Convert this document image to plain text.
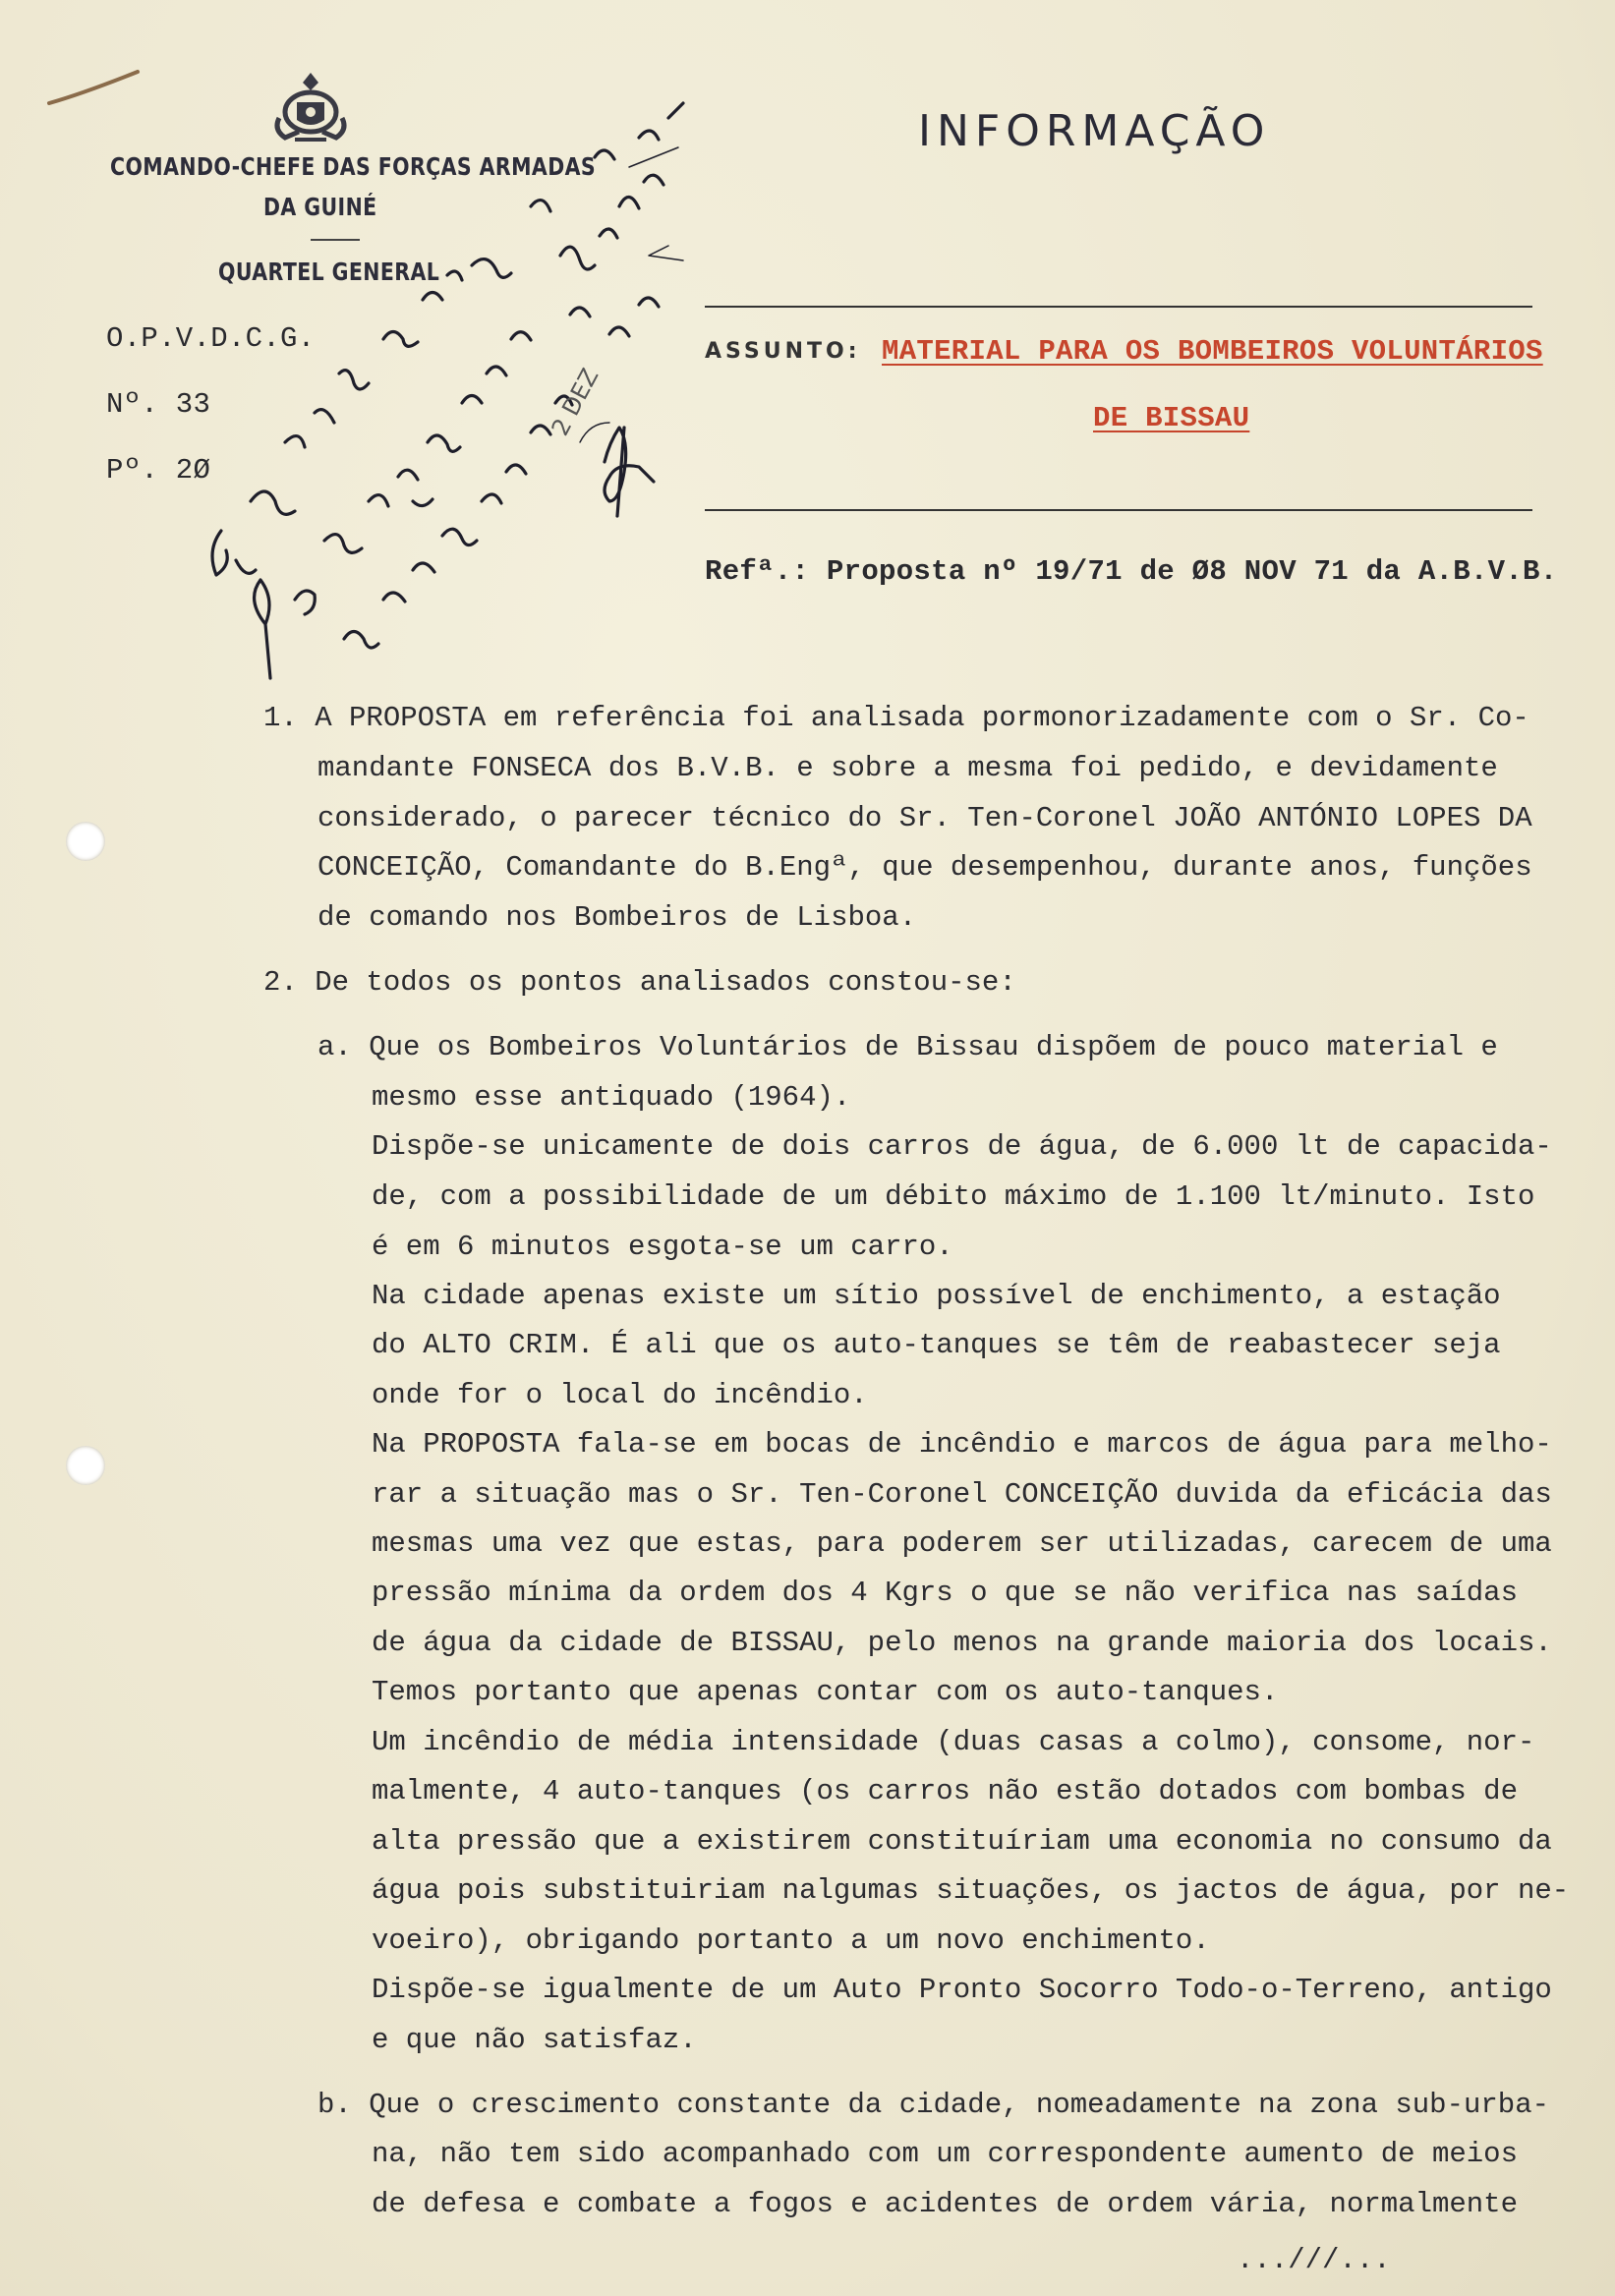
COMANDO-CHEFE DAS FORÇAS ARMADAS
DA GUINÉ
QUARTEL GENERAL
O.P.V.D.C.G.
Nº. 33
Pº. 2Ø
2 DEZ
INFORMAÇÃO
ASSUNTO: MATERIAL PARA OS BOMBEIROS VOLUNTÁRIOS
DE BISSAU
Refª.: Proposta nº 19/71 de Ø8 NOV 71 da A.B.V.B.
1. A PROPOSTA em referência foi analisada pormonorizadamente com o Sr. Co-
mandante FONSECA dos B.V.B. e sobre a mesma foi pedido, e devidamente
considerado, o parecer técnico do Sr. Ten-Coronel JOÃO ANTÓNIO LOPES DA
CONCEIÇÃO, Comandante do B.Engª, que desempenhou, durante anos, funções
de comando nos Bombeiros de Lisboa.
2. De todos os pontos analisados constou-se:
a. Que os Bombeiros Voluntários de Bissau dispõem de pouco material e
mesmo esse antiquado (1964).
Dispõe-se unicamente de dois carros de água, de 6.000 lt de capacida-
de, com a possibilidade de um débito máximo de 1.100 lt/minuto. Isto
é em 6 minutos esgota-se um carro.
Na cidade apenas existe um sítio possível de enchimento, a estação
do ALTO CRIM. É ali que os auto-tanques se têm de reabastecer seja
onde for o local do incêndio.
Na PROPOSTA fala-se em bocas de incêndio e marcos de água para melho-
rar a situação mas o Sr. Ten-Coronel CONCEIÇÃO duvida da eficácia das
mesmas uma vez que estas, para poderem ser utilizadas, carecem de uma
pressão mínima da ordem dos 4 Kgrs o que se não verifica nas saídas
de água da cidade de BISSAU, pelo menos na grande maioria dos locais.
Temos portanto que apenas contar com os auto-tanques.
Um incêndio de média intensidade (duas casas a colmo), consome, nor-
malmente, 4 auto-tanques (os carros não estão dotados com bombas de
alta pressão que a existirem constituíriam uma economia no consumo da
água pois substituiriam nalgumas situações, os jactos de água, por ne-
voeiro), obrigando portanto a um novo enchimento.
Dispõe-se igualmente de um Auto Pronto Socorro Todo-o-Terreno, antigo
e que não satisfaz.
b. Que o crescimento constante da cidade, nomeadamente na zona sub-urba-
na, não tem sido acompanhado com um correspondente aumento de meios
de defesa e combate a fogos e acidentes de ordem vária, normalmente
...///...
